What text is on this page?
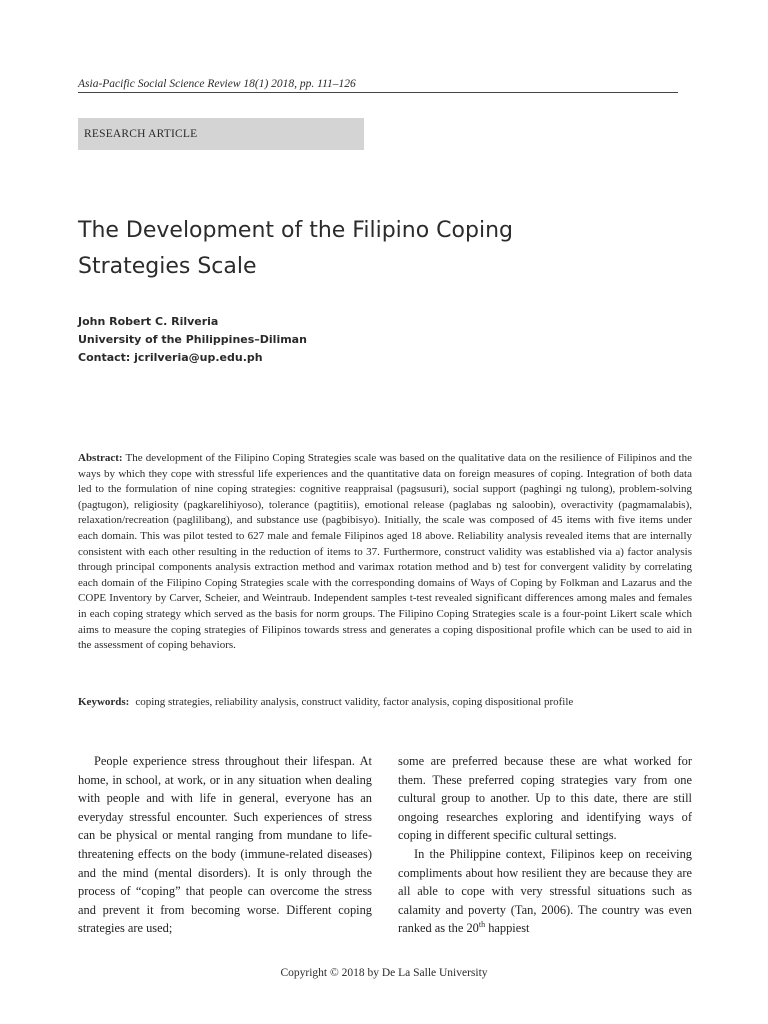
Asia-Pacific Social Science Review 18(1) 2018, pp. 111–126
RESEARCH ARTICLE
The Development of the Filipino Coping
Strategies Scale
John Robert C. Rilveria
University of the Philippines–Diliman
Contact: jcrilveria@up.edu.ph

Abstract: The development of the Filipino Coping Strategies scale was based on the qualitative data on the resilience of Filipinos and the ways by which they cope with stressful life experiences and the quantitative data on foreign measures of coping. Integration of both data led to the formulation of nine coping strategies: cognitive reappraisal (pagsusuri), social support (paghingi ng tulong), problem-solving (pagtugon), religiosity (pagkarelihiyoso), tolerance (pagtitiis), emotional release (paglabas ng saloobin), overactivity (pagmamalabis), relaxation/recreation (paglilibang), and substance use (pagbibisyo). Initially, the scale was composed of 45 items with five items under each domain. This was pilot tested to 627 male and female Filipinos aged 18 above. Reliability analysis revealed items that are internally consistent with each other resulting in the reduction of items to 37. Furthermore, construct validity was established via a) factor analysis through principal components analysis extraction method and varimax rotation method and b) test for convergent validity by correlating each domain of the Filipino Coping Strategies scale with the corresponding domains of Ways of Coping by Folkman and Lazarus and the COPE Inventory by Carver, Scheier, and Weintraub. Independent samples t-test revealed significant differences among males and females in each coping strategy which served as the basis for norm groups. The Filipino Coping Strategies scale is a four-point Likert scale which aims to measure the coping strategies of Filipinos towards stress and generates a coping dispositional profile which can be used to aid in the assessment of coping behaviors.

Keywords: coping strategies, reliability analysis, construct validity, factor analysis, coping dispositional profile

People experience stress throughout their lifespan. At home, in school, at work, or in any situation when dealing with people and with life in general, everyone has an everyday stressful encounter. Such experiences of stress can be physical or mental ranging from mundane to life-threatening effects on the body (immune-related diseases) and the mind (mental disorders). It is only through the process of “coping” that people can overcome the stress and prevent it from becoming worse. Different coping strategies are used;

some are preferred because these are what worked for them. These preferred coping strategies vary from one cultural group to another. Up to this date, there are still ongoing researches exploring and identifying ways of coping in different specific cultural settings.

In the Philippine context, Filipinos keep on receiving compliments about how resilient they are because they are all able to cope with very stressful situations such as calamity and poverty (Tan, 2006). The country was even ranked as the 20th happiest

Copyright © 2018 by De La Salle University
